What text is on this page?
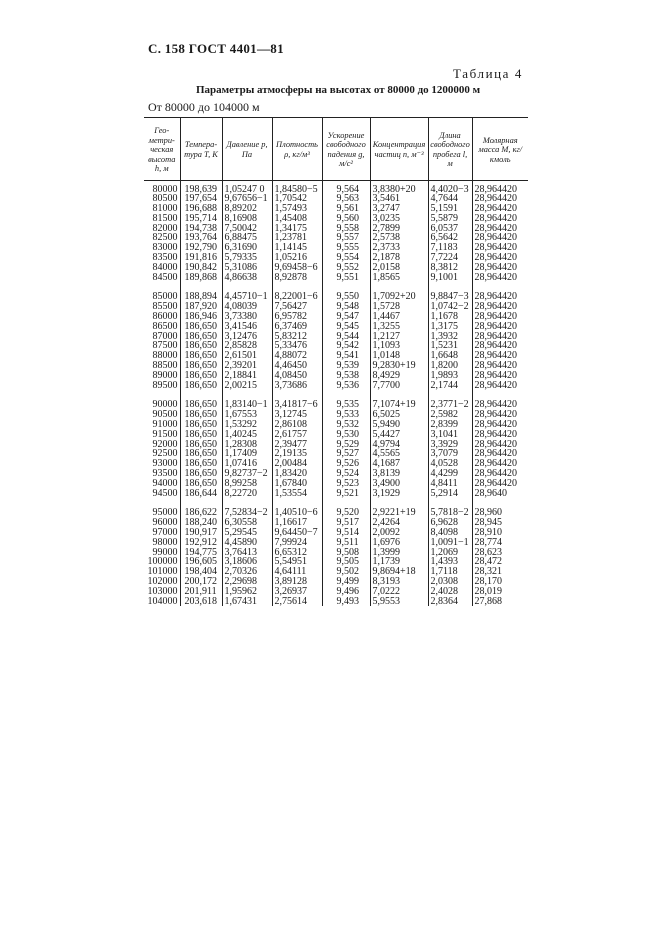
С. 158 ГОСТ 4401—81
Таблица 4
Параметры атмосферы на высотах от 80000 до 1200000 м
От 80000 до 104000 м
Гео-метри-ческая высота h, м	Темпера-тура T, К	Давление p, Па	Плотность ρ, кг/м³	Ускорение свободного падения g, м/с²	Концентрация частиц n, м⁻³	Длина свободного пробега l, м	Молярная масса M, кг/кмоль
80000	198,639	1,05247 0	1,84580−5	9,564	3,8380+20	4,4020−3	28,964420
80500	197,654	9,67656−1	1,70542	9,563	3,5461	4,7644	28,964420
81000	196,688	8,89202	1,57493	9,561	3,2747	5,1591	28,964420
81500	195,714	8,16908	1,45408	9,560	3,0235	5,5879	28,964420
82000	194,738	7,50042	1,34175	9,558	2,7899	6,0537	28,964420
82500	193,764	6,88475	1,23781	9,557	2,5738	6,5642	28,964420
83000	192,790	6,31690	1,14145	9,555	2,3733	7,1183	28,964420
83500	191,816	5,79335	1,05216	9,554	2,1878	7,7224	28,964420
84000	190,842	5,31086	9,69458−6	9,552	2,0158	8,3812	28,964420
84500	189,868	4,86638	8,92878	9,551	1,8565	9,1001	28,964420

85000	188,894	4,45710−1	8,22001−6	9,550	1,7092+20	9,8847−3	28,964420
85500	187,920	4,08039	7,56427	9,548	1,5728	1,0742−2	28,964420
86000	186,946	3,73380	6,95782	9,547	1,4467	1,1678	28,964420
86500	186,650	3,41546	6,37469	9,545	1,3255	1,3175	28,964420
87000	186,650	3,12476	5,83212	9,544	1,2127	1,3932	28,964420
87500	186,650	2,85828	5,33476	9,542	1,1093	1,5231	28,964420
88000	186,650	2,61501	4,88072	9,541	1,0148	1,6648	28,964420
88500	186,650	2,39201	4,46450	9,539	9,2830+19	1,8200	28,964420
89000	186,650	2,18841	4,08450	9,538	8,4929	1,9893	28,964420
89500	186,650	2,00215	3,73686	9,536	7,7700	2,1744	28,964420

90000	186,650	1,83140−1	3,41817−6	9,535	7,1074+19	2,3771−2	28,964420
90500	186,650	1,67553	3,12745	9,533	6,5025	2,5982	28,964420
91000	186,650	1,53292	2,86108	9,532	5,9490	2,8399	28,964420
91500	186,650	1,40245	2,61757	9,530	5,4427	3,1041	28,964420
92000	186,650	1,28308	2,39477	9,529	4,9794	3,3929	28,964420
92500	186,650	1,17409	2,19135	9,527	4,5565	3,7079	28,964420
93000	186,650	1,07416	2,00484	9,526	4,1687	4,0528	28,964420
93500	186,650	9,82737−2	1,83420	9,524	3,8139	4,4299	28,964420
94000	186,650	8,99258	1,67840	9,523	3,4900	4,8411	28,964420
94500	186,644	8,22720	1,53554	9,521	3,1929	5,2914	28,9640

95000	186,622	7,52834−2	1,40510−6	9,520	2,9221+19	5,7818−2	28,960
96000	188,240	6,30558	1,16617	9,517	2,4264	6,9628	28,945
97000	190,917	5,29545	9,64450−7	9,514	2,0092	8,4098	28,910
98000	192,912	4,45890	7,99924	9,511	1,6976	1,0091−1	28,774
99000	194,775	3,76413	6,65312	9,508	1,3999	1,2069	28,623
100000	196,605	3,18606	5,54951	9,505	1,1739	1,4393	28,472
101000	198,404	2,70326	4,64111	9,502	9,8694+18	1,7118	28,321
102000	200,172	2,29698	3,89128	9,499	8,3193	2,0308	28,170
103000	201,911	1,95962	3,26937	9,496	7,0222	2,4028	28,019
104000	203,618	1,67431	2,75614	9,493	5,9553	2,8364	27,868
